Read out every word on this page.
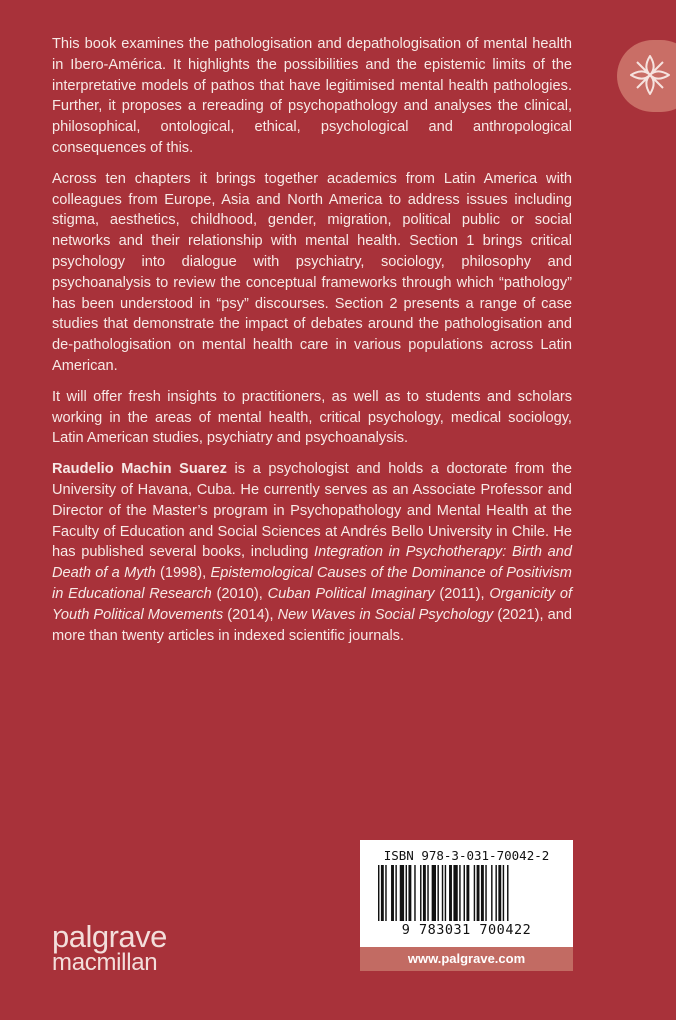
This book examines the pathologisation and depathologisation of mental health in Ibero-América. It highlights the possibilities and the epistemic limits of the interpretative models of pathos that have legitimised mental health pathologies. Further, it proposes a rereading of psychopathology and analyses the clinical, philosophical, ontological, ethical, psychological and anthropological consequences of this.

Across ten chapters it brings together academics from Latin America with colleagues from Europe, Asia and North America to address issues including stigma, aesthetics, childhood, gender, migration, political public or social networks and their relationship with mental health. Section 1 brings critical psychology into dialogue with psychiatry, sociology, philosophy and psychoanalysis to review the conceptual frameworks through which “pathology” has been understood in “psy” discourses. Section 2 presents a range of case studies that demonstrate the impact of debates around the pathologisation and de-pathologisation on mental health care in various populations across Latin American.

It will offer fresh insights to practitioners, as well as to students and scholars working in the areas of mental health, critical psychology, medical sociology, Latin American studies, psychiatry and psychoanalysis.

Raudelio Machin Suarez is a psychologist and holds a doctorate from the University of Havana, Cuba. He currently serves as an Associate Professor and Director of the Master’s program in Psychopathology and Mental Health at the Faculty of Education and Social Sciences at Andrés Bello University in Chile. He has published several books, including Integration in Psychotherapy: Birth and Death of a Myth (1998), Epistemological Causes of the Dominance of Positivism in Educational Research (2010), Cuban Political Imaginary (2011), Organicity of Youth Political Movements (2014), New Waves in Social Psychology (2021), and more than twenty articles in indexed scientific journals.

palgrave
macmillan
ISBN 978-3-031-70042-2
9 783031 700422
www.palgrave.com
